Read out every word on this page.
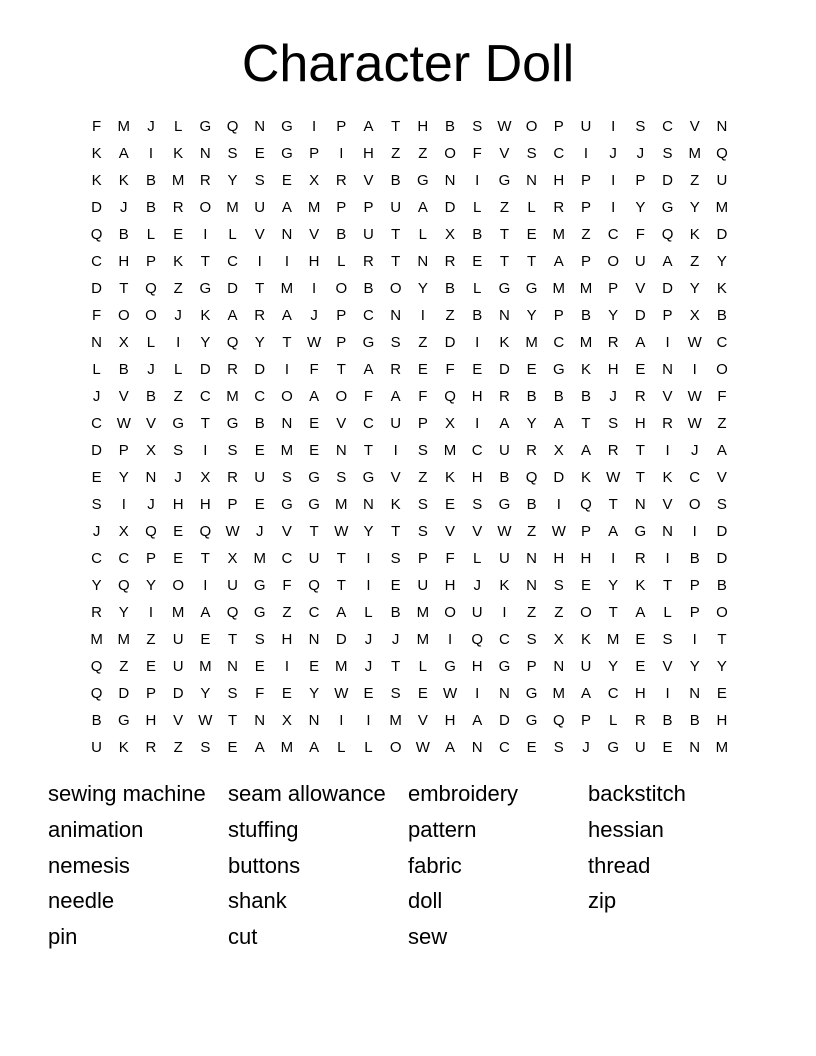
Character Doll
F	M	J	L	G	Q	N	G	I	P	A	T	H	B	S	W O	P	U	I	S	C	V	N
K	A	I	K	N	S	E	G	P	I	H	Z	Z	O	F	V	S	C	I	J	J	S	M	Q
K	K	B	M	R	Y	S	E	X	R	V	B	G	N	I	G	N	H	P	I	P	D	Z	U
D	J	B	R	O	M	U	A	M	P	P	U	A	D	L	Z	L	R	P	I	Y	G	Y	M
Q	B	L	E	I	L	V	N	V	B	U	T	L	X	B	T	E	M	Z	C	F	Q	K	D
C	H	P	K	T	C	I	I	H	L	R	T	N	R	E	T	T	A	P	O	U	A	Z	Y
D	T	Q	Z	G	D	T	M	I	O	B	O	Y	B	L	G	G	M M	P	V	D	Y	K
F	O	O	J	K	A	R	A	J	P	C	N	I	Z	B	N	Y	P	B	Y	D	P	X	B
N	X	L	I	Y	Q	Y	T	W	P	G	S	Z	D	I	K	M	C	M	R	A	I	W C
L	B	J	L	D	R	D	I	F	T	A	R	E	F	E	D	E	G	K	H	E	N	I	O
J	V	B	Z	C	M	C	O	A	O	F	A	F	Q	H	R	B	B	B	J	R	V	W	F
C W	V	G	T	G	B	N	E	V	C	U	P	X	I	A	Y	A	T	S	H	R W	Z
D	P	X	S	I	S	E	M	E	N	T	I	S	M	C	U	R	X	A	R	T	I	J	A
E	Y	N	J	X	R	U	S	G	S	G	V	Z	K	H	B	Q	D	K	W	T	K	C	V
S	I	J	H	H	P	E	G	G	M	N	K	S	E	S	G	B	I	Q	T	N	V	O	S
J	X	Q	E	Q W	J	V	T	W	Y	T	S	V	V	W	Z	W	P	A	G	N	I	D
C	C	P	E	T	X	M	C	U	T	I	S	P	F	L	U	N	H	H	I	R	I	B	D
Y	Q	Y	O	I	U	G	F	Q	T	I	E	U	H	J	K	N	S	E	Y	K	T	P	B
R	Y	I	M	A	Q	G	Z	C	A	L	B	M	O	U	I	Z	Z	O	T	A	L	P	O
M M	Z	U	E	T	S	H	N	D	J	J	M	I	Q	C	S	X	K	M	E	S	I	T
Q	Z	E	U	M	N	E	I	E	M	J	T	L	G	H	G	P	N	U	Y	E	V	Y	Y
Q	D	P	D	Y	S	F	E	Y	W	E	S	E	W	I	N	G	M	A	C	H	I	N	E
B	G	H	V	W	T	N	X	N	I	I	M	V	H	A	D	G	Q	P	L	R	B	B	H
U	K	R	Z	S	E	A	M	A	L	L	O W	A	N	C	E	S	J	G	U	E	N	M
sewing machine	seam allowance	embroidery	backstitch
animation	stuffing	pattern	hessian
nemesis	buttons	fabric	thread
needle	shank	doll	zip
pin	cut	sew
